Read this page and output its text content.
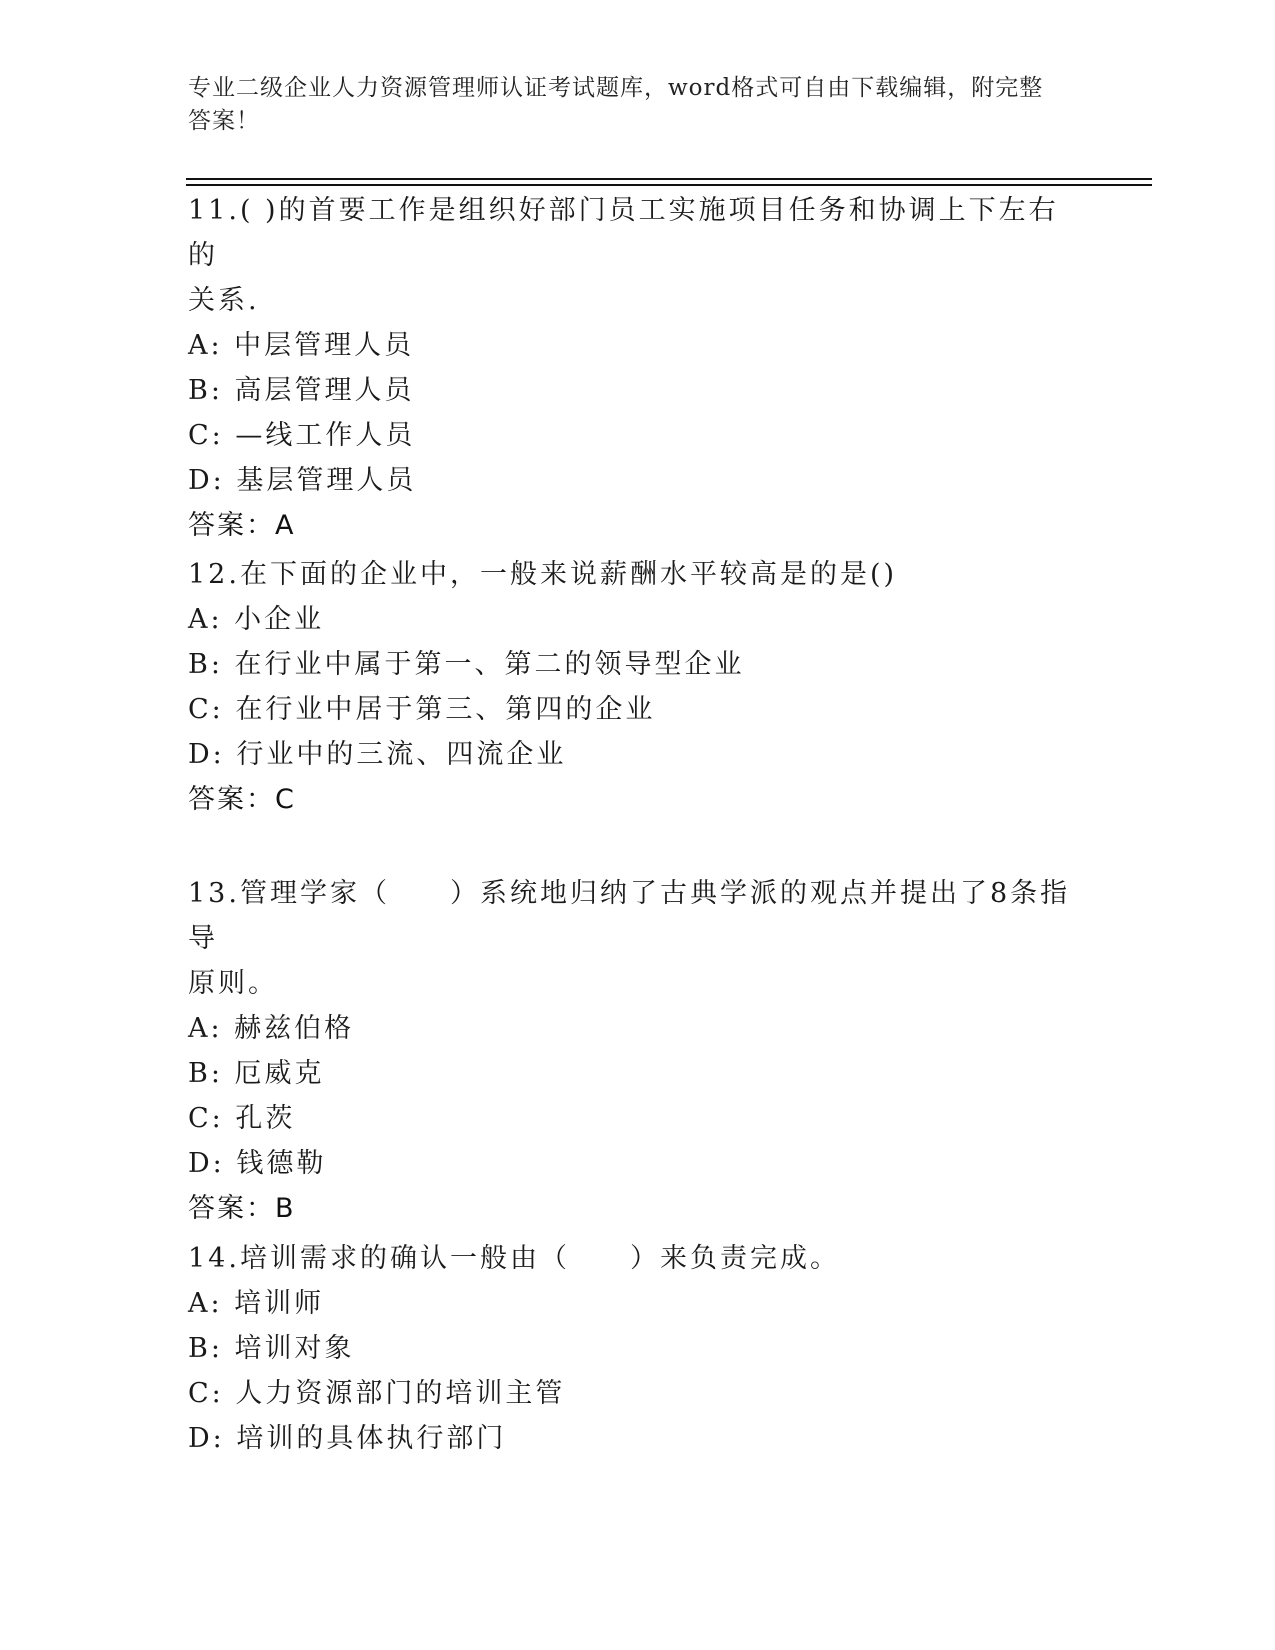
专业二级企业人力资源管理师认证考试题库，word格式可自由下载编辑，附完整
答案！

11.( )的首要工作是组织好部门员工实施项目任务和协调上下左右的

关系.

A: 中层管理人员

B: 高层管理人员

C: —线工作人员

D: 基层管理人员

答案：A

12.在下面的企业中，一般来说薪酬水平较高是的是()

A: 小企业

B: 在行业中属于第一、第二的领导型企业

C: 在行业中居于第三、第四的企业

D: 行业中的三流、四流企业

答案：C

13.管理学家（　　）系统地归纳了古典学派的观点并提出了8条指导

原则。

A: 赫兹伯格

B: 厄威克

C: 孔茨

D: 钱德勒

答案：B

14.培训需求的确认一般由（　　）来负责完成。

A: 培训师

B: 培训对象

C: 人力资源部门的培训主管

D: 培训的具体执行部门
